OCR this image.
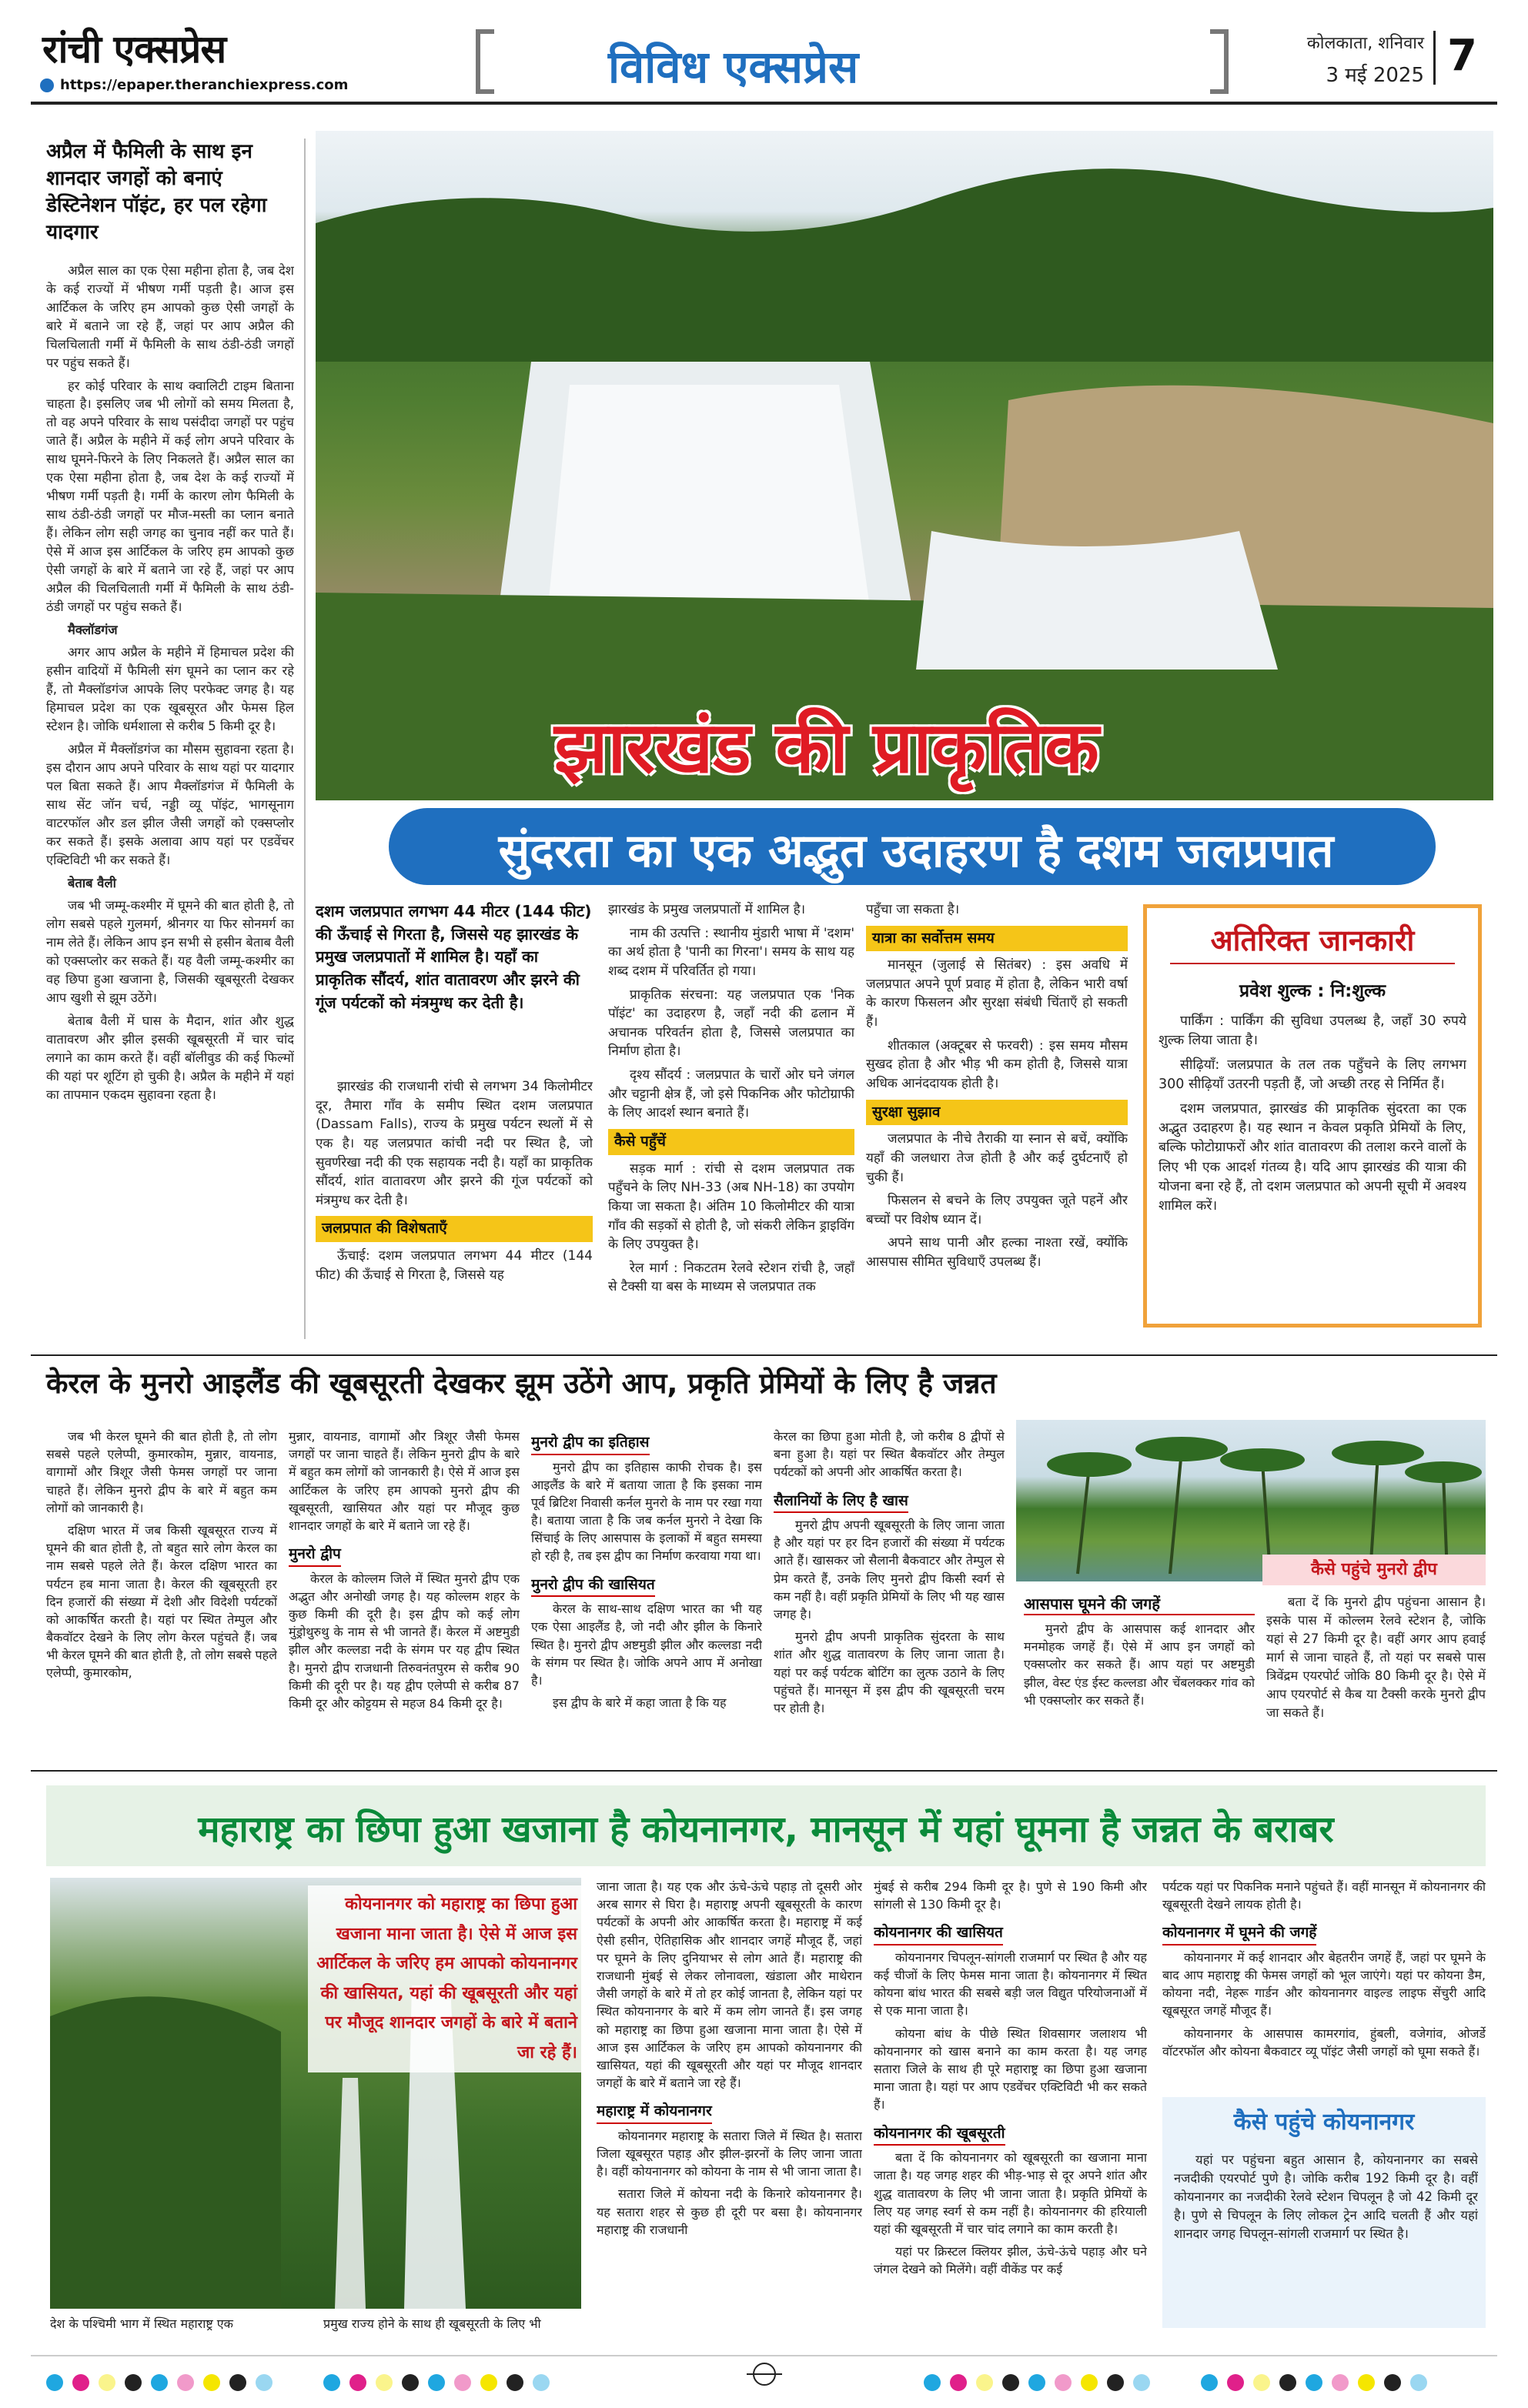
रांची एक्सप्रेस
https://epaper.theranchiexpress.com	विविध एक्सप्रेस	कोलकाता, शनिवार
3 मई 2025 7
अप्रैल में फैमिली के साथ इन शानदार जगहों को बनाएं डेस्टिनेशन पॉइंट, हर पल रहेगा यादगार

अप्रैल साल का एक ऐसा महीना होता है, जब देश के कई राज्यों में भीषण गर्मी पड़ती है। आज इस आर्टिकल के जरिए हम आपको कुछ ऐसी जगहों के बारे में बताने जा रहे हैं, जहां पर आप अप्रैल की चिलचिलाती गर्मी में फैमिली के साथ ठंडी-ठंडी जगहों पर पहुंच सकते हैं।

हर कोई परिवार के साथ क्वालिटी टाइम बिताना चाहता है। इसलिए जब भी लोगों को समय मिलता है, तो वह अपने परिवार के साथ पसंदीदा जगहों पर पहुंच जाते हैं। अप्रैल के महीने में कई लोग अपने परिवार के साथ घूमने-फिरने के लिए निकलते हैं। अप्रैल साल का एक ऐसा महीना होता है, जब देश के कई राज्यों में भीषण गर्मी पड़ती है। गर्मी के कारण लोग फैमिली के साथ ठंडी-ठंडी जगहों पर मौज-मस्ती का प्लान बनाते हैं। लेकिन लोग सही जगह का चुनाव नहीं कर पाते हैं। ऐसे में आज इस आर्टिकल के जरिए हम आपको कुछ ऐसी जगहों के बारे में बताने जा रहे हैं, जहां पर आप अप्रैल की चिलचिलाती गर्मी में फैमिली के साथ ठंडी-ठंडी जगहों पर पहुंच सकते हैं।

मैक्लॉडगंज

अगर आप अप्रैल के महीने में हिमाचल प्रदेश की हसीन वादियों में फैमिली संग घूमने का प्लान कर रहे हैं, तो मैक्लॉडगंज आपके लिए परफेक्ट जगह है। यह हिमाचल प्रदेश का एक खूबसूरत और फेमस हिल स्टेशन है। जोकि धर्मशाला से करीब 5 किमी दूर है।

अप्रैल में मैक्लॉडगंज का मौसम सुहावना रहता है। इस दौरान आप अपने परिवार के साथ यहां पर यादगार पल बिता सकते हैं। आप मैक्लॉडगंज में फैमिली के साथ सेंट जॉन चर्च, नड्डी व्यू पॉइंट, भागसूनाग वाटरफॉल और डल झील जैसी जगहों को एक्सप्लोर कर सकते हैं। इसके अलावा आप यहां पर एडवेंचर एक्टिविटी भी कर सकते हैं।

बेताब वैली

जब भी जम्मू-कश्मीर में घूमने की बात होती है, तो लोग सबसे पहले गुलमर्ग, श्रीनगर या फिर सोनमर्ग का नाम लेते हैं। लेकिन आप इन सभी से हसीन बेताब वैली को एक्सप्लोर कर सकते हैं। यह वैली जम्मू-कश्मीर का वह छिपा हुआ खजाना है, जिसकी खूबसूरती देखकर आप खुशी से झूम उठेंगे।

बेताब वैली में घास के मैदान, शांत और शुद्ध वातावरण और झील इसकी खूबसूरती में चार चांद लगाने का काम करते हैं। वहीं बॉलीवुड की कई फिल्मों की यहां पर शूटिंग हो चुकी है। अप्रैल के महीने में यहां का तापमान एकदम सुहावना रहता है।

झारखंड की प्राकृतिक
सुंदरता का एक अद्भुत उदाहरण है दशम जलप्रपात
दशम जलप्रपात लगभग 44 मीटर (144 फीट) की ऊँचाई से गिरता है, जिससे यह झारखंड के प्रमुख जलप्रपातों में शामिल है। यहाँ का प्राकृतिक सौंदर्य, शांत वातावरण और झरने की गूंज पर्यटकों को मंत्रमुग्ध कर देती है।

झारखंड की राजधानी रांची से लगभग 34 किलोमीटर दूर, तैमारा गाँव के समीप स्थित दशम जलप्रपात (Dassam Falls), राज्य के प्रमुख पर्यटन स्थलों में से एक है। यह जलप्रपात कांची नदी पर स्थित है, जो सुवर्णरेखा नदी की एक सहायक नदी है। यहाँ का प्राकृतिक सौंदर्य, शांत वातावरण और झरने की गूंज पर्यटकों को मंत्रमुग्ध कर देती है।

जलप्रपात की विशेषताएँ

ऊँचाई: दशम जलप्रपात लगभग 44 मीटर (144 फीट) की ऊँचाई से गिरता है, जिससे यह

झारखंड के प्रमुख जलप्रपातों में शामिल है।

नाम की उत्पत्ति : स्थानीय मुंडारी भाषा में 'दशम' का अर्थ होता है 'पानी का गिरना'। समय के साथ यह शब्द दशम में परिवर्तित हो गया।

प्राकृतिक संरचना: यह जलप्रपात एक 'निक पॉइंट' का उदाहरण है, जहाँ नदी की ढलान में अचानक परिवर्तन होता है, जिससे जलप्रपात का निर्माण होता है।

दृश्य सौंदर्य : जलप्रपात के चारों ओर घने जंगल और चट्टानी क्षेत्र हैं, जो इसे पिकनिक और फोटोग्राफी के लिए आदर्श स्थान बनाते हैं।

कैसे पहुँचें

सड़क मार्ग : रांची से दशम जलप्रपात तक पहुँचने के लिए NH-33 (अब NH-18) का उपयोग किया जा सकता है। अंतिम 10 किलोमीटर की यात्रा गाँव की सड़कों से होती है, जो संकरी लेकिन ड्राइविंग के लिए उपयुक्त है।

रेल मार्ग : निकटतम रेलवे स्टेशन रांची है, जहाँ से टैक्सी या बस के माध्यम से जलप्रपात तक

पहुँचा जा सकता है।

यात्रा का सर्वोत्तम समय

मानसून (जुलाई से सितंबर) : इस अवधि में जलप्रपात अपने पूर्ण प्रवाह में होता है, लेकिन भारी वर्षा के कारण फिसलन और सुरक्षा संबंधी चिंताएँ हो सकती हैं।

शीतकाल (अक्टूबर से फरवरी) : इस समय मौसम सुखद होता है और भीड़ भी कम होती है, जिससे यात्रा अधिक आनंददायक होती है।

सुरक्षा सुझाव

जलप्रपात के नीचे तैराकी या स्नान से बचें, क्योंकि यहाँ की जलधारा तेज होती है और कई दुर्घटनाएँ हो चुकी हैं।

फिसलन से बचने के लिए उपयुक्त जूते पहनें और बच्चों पर विशेष ध्यान दें।

अपने साथ पानी और हल्का नाश्ता रखें, क्योंकि आसपास सीमित सुविधाएँ उपलब्ध हैं।

अतिरिक्त जानकारी
प्रवेश शुल्क : नि:शुल्क

पार्किंग : पार्किंग की सुविधा उपलब्ध है, जहाँ 30 रुपये शुल्क लिया जाता है।

सीढ़ियाँ: जलप्रपात के तल तक पहुँचने के लिए लगभग 300 सीढ़ियाँ उतरनी पड़ती हैं, जो अच्छी तरह से निर्मित हैं।

दशम जलप्रपात, झारखंड की प्राकृतिक सुंदरता का एक अद्भुत उदाहरण है। यह स्थान न केवल प्रकृति प्रेमियों के लिए, बल्कि फोटोग्राफरों और शांत वातावरण की तलाश करने वालों के लिए भी एक आदर्श गंतव्य है। यदि आप झारखंड की यात्रा की योजना बना रहे हैं, तो दशम जलप्रपात को अपनी सूची में अवश्य शामिल करें।

केरल के मुनरो आइलैंड की खूबसूरती देखकर झूम उठेंगे आप, प्रकृति प्रेमियों के लिए है जन्नत

जब भी केरल घूमने की बात होती है, तो लोग सबसे पहले एलेप्पी, कुमारकोम, मुन्नार, वायनाड, वागामों और त्रिशूर जैसी फेमस जगहों पर जाना चाहते हैं। लेकिन मुनरो द्वीप के बारे में बहुत कम लोगों को जानकारी है।

दक्षिण भारत में जब किसी खूबसूरत राज्य में घूमने की बात होती है, तो बहुत सारे लोग केरल का नाम सबसे पहले लेते हैं। केरल दक्षिण भारत का पर्यटन हब माना जाता है। केरल की खूबसूरती हर दिन हजारों की संख्या में देशी और विदेशी पर्यटकों को आकर्षित करती है। यहां पर स्थित तेम्पुल और बैकवॉटर देखने के लिए लोग केरल पहुंचते हैं। जब भी केरल घूमने की बात होती है, तो लोग सबसे पहले एलेप्पी, कुमारकोम,

मुन्नार, वायनाड, वागामों और त्रिशूर जैसी फेमस जगहों पर जाना चाहते हैं। लेकिन मुनरो द्वीप के बारे में बहुत कम लोगों को जानकारी है। ऐसे में आज इस आर्टिकल के जरिए हम आपको मुनरो द्वीप की खूबसूरती, खासियत और यहां पर मौजूद कुछ शानदार जगहों के बारे में बताने जा रहे हैं।

मुनरो द्वीप

केरल के कोल्लम जिले में स्थित मुनरो द्वीप एक अद्भुत और अनोखी जगह है। यह कोल्लम शहर के कुछ किमी की दूरी है। इस द्वीप को कई लोग मुंड्रोथुरुथु के नाम से भी जानते हैं। केरल में अष्टमुडी झील और कल्लडा नदी के संगम पर यह द्वीप स्थित है। मुनरो द्वीप राजधानी तिरुवनंतपुरम से करीब 90 किमी की दूरी पर है। यह द्वीप एलेप्पी से करीब 87 किमी दूर और कोट्टयम से महज 84 किमी दूर है।

मुनरो द्वीप का इतिहास

मुनरो द्वीप का इतिहास काफी रोचक है। इस आइलैंड के बारे में बताया जाता है कि इसका नाम पूर्व ब्रिटिश निवासी कर्नल मुनरो के नाम पर रखा गया है। बताया जाता है कि जब कर्नल मुनरो ने देखा कि सिंचाई के लिए आसपास के इलाकों में बहुत समस्या हो रही है, तब इस द्वीप का निर्माण करवाया गया था।

मुनरो द्वीप की खासियत

केरल के साथ-साथ दक्षिण भारत का भी यह एक ऐसा आइलैंड है, जो नदी और झील के किनारे स्थित है। मुनरो द्वीप अष्टमुडी झील और कल्लडा नदी के संगम पर स्थित है। जोकि अपने आप में अनोखा है।

इस द्वीप के बारे में कहा जाता है कि यह

केरल का छिपा हुआ मोती है, जो करीब 8 द्वीपों से बना हुआ है। यहां पर स्थित बैकवॉटर और तेम्पुल पर्यटकों को अपनी ओर आकर्षित करता है।

सैलानियों के लिए है खास

मुनरो द्वीप अपनी खूबसूरती के लिए जाना जाता है और यहां पर हर दिन हजारों की संख्या में पर्यटक आते हैं। खासकर जो सैलानी बैकवाटर और तेम्पुल से प्रेम करते हैं, उनके लिए मुनरो द्वीप किसी स्वर्ग से कम नहीं है। वहीं प्रकृति प्रेमियों के लिए भी यह खास जगह है।

मुनरो द्वीप अपनी प्राकृतिक सुंदरता के साथ शांत और शुद्ध वातावरण के लिए जाना जाता है। यहां पर कई पर्यटक बोटिंग का लुत्फ उठाने के लिए पहुंचते हैं। मानसून में इस द्वीप की खूबसूरती चरम पर होती है।

कैसे पहुंचे मुनरो द्वीप
आसपास घूमने की जगहें

मुनरो द्वीप के आसपास कई शानदार और मनमोहक जगहें हैं। ऐसे में आप इन जगहों को एक्सप्लोर कर सकते हैं। आप यहां पर अष्टमुडी झील, वेस्ट एंड ईस्ट कल्लडा और चेंबलक्कर गांव को भी एक्सप्लोर कर सकते हैं।

बता दें कि मुनरो द्वीप पहुंचना आसान है। इसके पास में कोल्लम रेलवे स्टेशन है, जोकि यहां से 27 किमी दूर है। वहीं अगर आप हवाई मार्ग से जाना चाहते हैं, तो यहां पर सबसे पास त्रिवेंद्रम एयरपोर्ट जोकि 80 किमी दूर है। ऐसे में आप एयरपोर्ट से कैब या टैक्सी करके मुनरो द्वीप जा सकते हैं।

महाराष्ट्र का छिपा हुआ खजाना है कोयनानगर, मानसून में यहां घूमना है जन्नत के बराबर
कोयनानगर को महाराष्ट्र का छिपा हुआ खजाना माना जाता है। ऐसे में आज इस आर्टिकल के जरिए हम आपको कोयनानगर की खासियत, यहां की खूबसूरती और यहां पर मौजूद शानदार जगहों के बारे में बताने जा रहे हैं।
देश के पश्चिमी भाग में स्थित महाराष्ट्र एक	प्रमुख राज्य होने के साथ ही खूबसूरती के लिए भी

जाना जाता है। यह एक और ऊंचे-ऊंचे पहाड़ तो दूसरी ओर अरब सागर से घिरा है। महाराष्ट्र अपनी खूबसूरती के कारण पर्यटकों के अपनी ओर आकर्षित करता है। महाराष्ट्र में कई ऐसी हसीन, ऐतिहासिक और शानदार जगहें मौजूद हैं, जहां पर घूमने के लिए दुनियाभर से लोग आते हैं। महाराष्ट्र की राजधानी मुंबई से लेकर लोनावला, खंडाला और माथेरान जैसी जगहों के बारे में तो हर कोई जानता है, लेकिन यहां पर स्थित कोयनानगर के बारे में कम लोग जानते हैं। इस जगह को महाराष्ट्र का छिपा हुआ खजाना माना जाता है। ऐसे में आज इस आर्टिकल के जरिए हम आपको कोयनानगर की खासियत, यहां की खूबसूरती और यहां पर मौजूद शानदार जगहों के बारे में बताने जा रहे हैं।

महाराष्ट्र में कोयनानगर

कोयनानगर महाराष्ट्र के सतारा जिले में स्थित है। सतारा जिला खूबसूरत पहाड़ और झील-झरनों के लिए जाना जाता है। वहीं कोयनानगर को कोयना के नाम से भी जाना जाता है।

सतारा जिले में कोयना नदी के किनारे कोयनानगर है। यह सतारा शहर से कुछ ही दूरी पर बसा है। कोयनानगर महाराष्ट्र की राजधानी

मुंबई से करीब 294 किमी दूर है। पुणे से 190 किमी और सांगली से 130 किमी दूर है।

कोयनानगर की खासियत

कोयनानगर चिपलून-सांगली राजमार्ग पर स्थित है और यह कई चीजों के लिए फेमस माना जाता है। कोयनानगर में स्थित कोयना बांध भारत की सबसे बड़ी जल विद्युत परियोजनाओं में से एक माना जाता है।

कोयना बांध के पीछे स्थित शिवसागर जलाशय भी कोयनानगर को खास बनाने का काम करता है। यह जगह सतारा जिले के साथ ही पूरे महाराष्ट्र का छिपा हुआ खजाना माना जाता है। यहां पर आप एडवेंचर एक्टिविटी भी कर सकते हैं।

कोयनानगर की खूबसूरती

बता दें कि कोयनानगर को खूबसूरती का खजाना माना जाता है। यह जगह शहर की भीड़-भाड़ से दूर अपने शांत और शुद्ध वातावरण के लिए भी जाना जाता है। प्रकृति प्रेमियों के लिए यह जगह स्वर्ग से कम नहीं है। कोयनानगर की हरियाली यहां की खूबसूरती में चार चांद लगाने का काम करती है।

यहां पर क्रिस्टल क्लियर झील, ऊंचे-ऊंचे पहाड़ और घने जंगल देखने को मिलेंगे। वहीं वीकेंड पर कई

पर्यटक यहां पर पिकनिक मनाने पहुंचते हैं। वहीं मानसून में कोयनानगर की खूबसूरती देखने लायक होती है।

कोयनानगर में घूमने की जगहें

कोयनानगर में कई शानदार और बेहतरीन जगहें हैं, जहां पर घूमने के बाद आप महाराष्ट्र की फेमस जगहों को भूल जाएंगे। यहां पर कोयना डैम, कोयना नदी, नेहरू गार्डन और कोयनानगर वाइल्ड लाइफ सेंचुरी आदि खूबसूरत जगहें मौजूद हैं।

कोयनानगर के आसपास कामरगांव, हुंबली, वजेगांव, ओजर्डे वॉटरफॉल और कोयना बैकवाटर व्यू पॉइंट जैसी जगहों को घूमा सकते हैं।

कैसे पहुंचे कोयनानगर

यहां पर पहुंचना बहुत आसान है, कोयनानगर का सबसे नजदीकी एयरपोर्ट पुणे है। जोकि करीब 192 किमी दूर है। वहीं कोयनानगर का नजदीकी रेलवे स्टेशन चिपलून है जो 42 किमी दूर है। पुणे से चिपलून के लिए लोकल ट्रेन आदि चलती हैं और यहां शानदार जगह चिपलून-सांगली राजमार्ग पर स्थित है।
